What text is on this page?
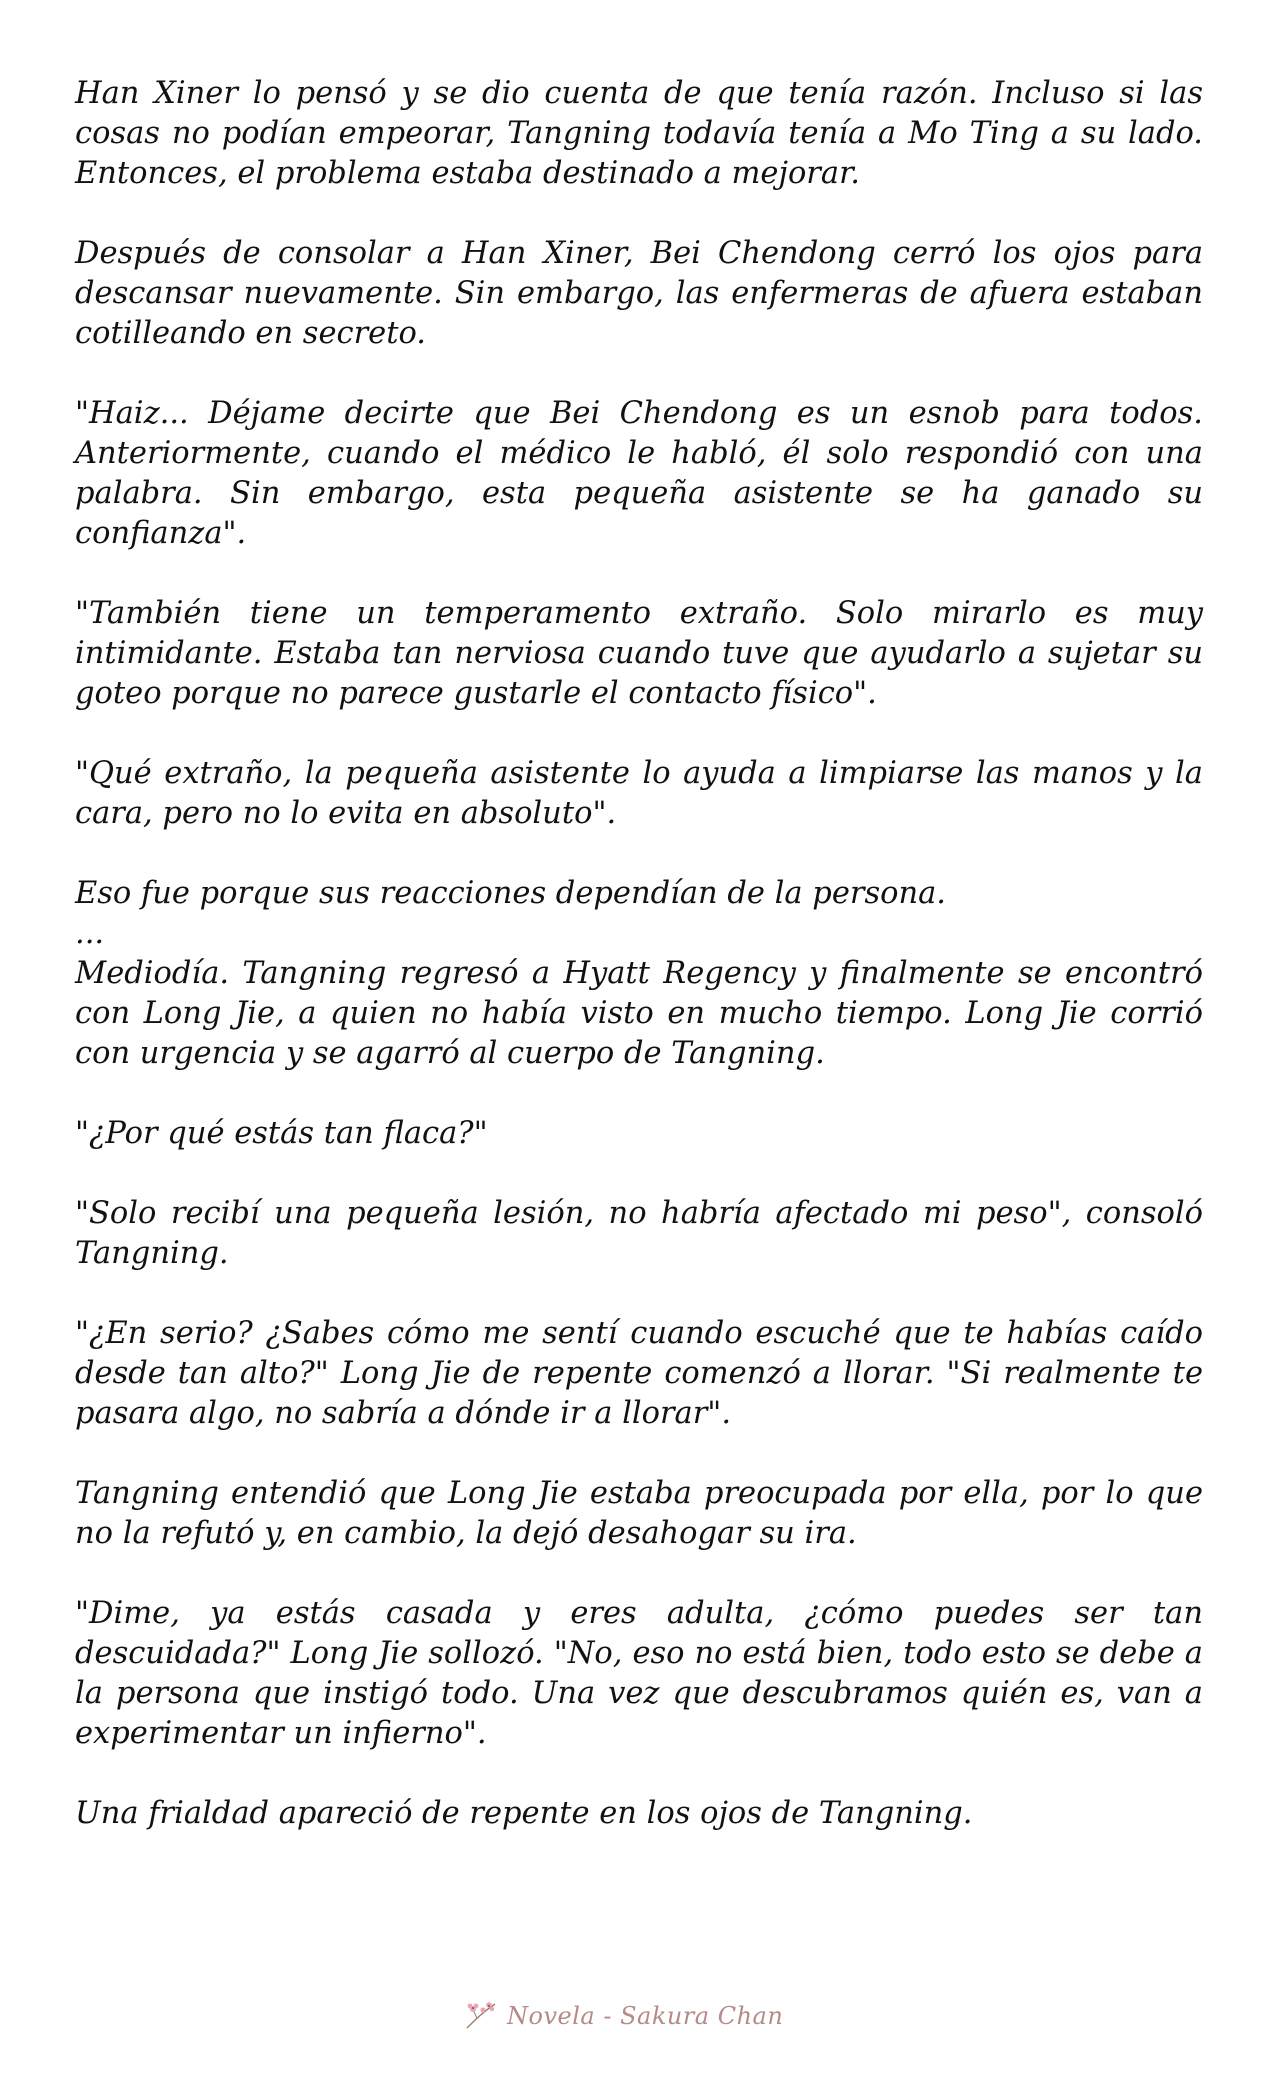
Han Xiner lo pensó y se dio cuenta de que tenía razón. Incluso si las cosas no podían empeorar, Tangning todavía tenía a Mo Ting a su lado. Entonces, el problema estaba destinado a mejorar.

Después de consolar a Han Xiner, Bei Chendong cerró los ojos para descansar nuevamente. Sin embargo, las enfermeras de afuera estaban cotilleando en secreto.

"Haiz... Déjame decirte que Bei Chendong es un esnob para todos. Anteriormente, cuando el médico le habló, él solo respondió con una palabra. Sin embargo, esta pequeña asistente se ha ganado su confianza".

"También tiene un temperamento extraño. Solo mirarlo es muy intimidante. Estaba tan nerviosa cuando tuve que ayudarlo a sujetar su goteo porque no parece gustarle el contacto físico".

"Qué extraño, la pequeña asistente lo ayuda a limpiarse las manos y la cara, pero no lo evita en absoluto".

Eso fue porque sus reacciones dependían de la persona.

...

Mediodía. Tangning regresó a Hyatt Regency y finalmente se encontró con Long Jie, a quien no había visto en mucho tiempo. Long Jie corrió con urgencia y se agarró al cuerpo de Tangning.

"¿Por qué estás tan flaca?"

"Solo recibí una pequeña lesión, no habría afectado mi peso", consoló Tangning.

"¿En serio? ¿Sabes cómo me sentí cuando escuché que te habías caído desde tan alto?" Long Jie de repente comenzó a llorar. "Si realmente te pasara algo, no sabría a dónde ir a llorar".

Tangning entendió que Long Jie estaba preocupada por ella, por lo que no la refutó y, en cambio, la dejó desahogar su ira.

"Dime, ya estás casada y eres adulta, ¿cómo puedes ser tan descuidada?" Long Jie sollozó. "No, eso no está bien, todo esto se debe a la persona que instigó todo. Una vez que descubramos quién es, van a experimentar un infierno".

Una frialdad apareció de repente en los ojos de Tangning.

Novela - Sakura Chan
